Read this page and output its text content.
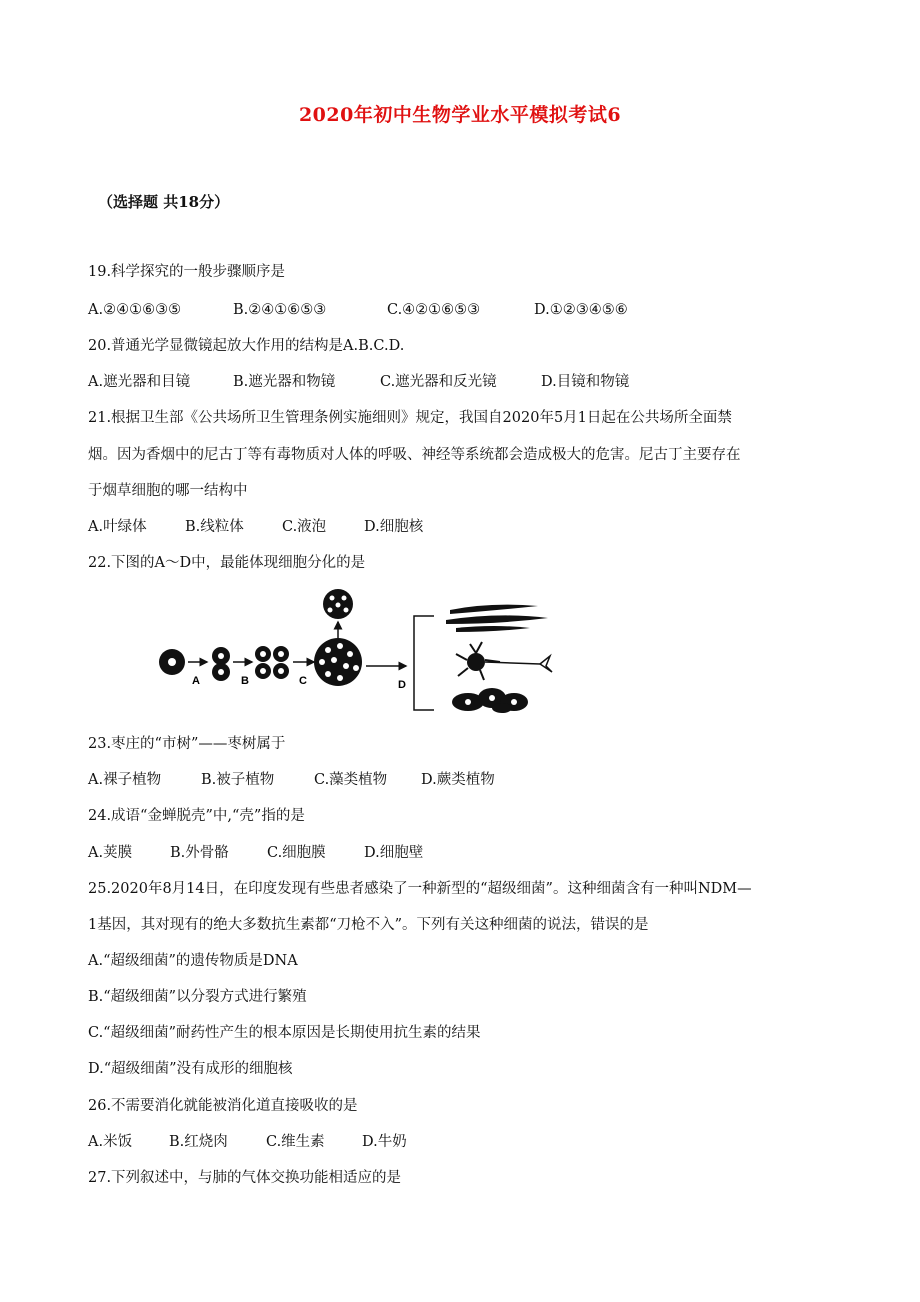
2020年初中生物学业水平模拟考试6
（选择题 共18分）
19.科学探究的一般步骤顺序是
A.②④①⑥③⑤	B.②④①⑥⑤③	C.④②①⑥⑤③	D.①②③④⑤⑥
20.普通光学显微镜起放大作用的结构是A.B.C.D.
A.遮光器和目镜	B.遮光器和物镜	C.遮光器和反光镜	D.目镜和物镜
21.根据卫生部《公共场所卫生管理条例实施细则》规定，我国自2020年5月1日起在公共场所全面禁
烟。因为香烟中的尼古丁等有毒物质对人体的呼吸、神经等系统都会造成极大的危害。尼古丁主要存在
于烟草细胞的哪一结构中
A.叶绿体	B.线粒体	C.液泡	D.细胞核
22.下图的A～D中，最能体现细胞分化的是
A	B	C	D
23.枣庄的“市树”——枣树属于
A.裸子植物	B.被子植物	C.藻类植物 D.蕨类植物
24.成语“金蝉脱壳”中,“壳”指的是
A.荚膜	B.外骨骼	C.细胞膜	D.细胞壁
25.2020年8月14日，在印度发现有些患者感染了一种新型的“超级细菌”。这种细菌含有一种叫NDM—
1基因，其对现有的绝大多数抗生素都“刀枪不入”。下列有关这种细菌的说法，错误的是
A.“超级细菌”的遗传物质是DNA
B.“超级细菌”以分裂方式进行繁殖
C.“超级细菌”耐药性产生的根本原因是长期使用抗生素的结果
D.“超级细菌”没有成形的细胞核
26.不需要消化就能被消化道直接吸收的是
A.米饭	B.红烧肉	C.维生素	D.牛奶
27.下列叙述中，与肺的气体交换功能相适应的是
